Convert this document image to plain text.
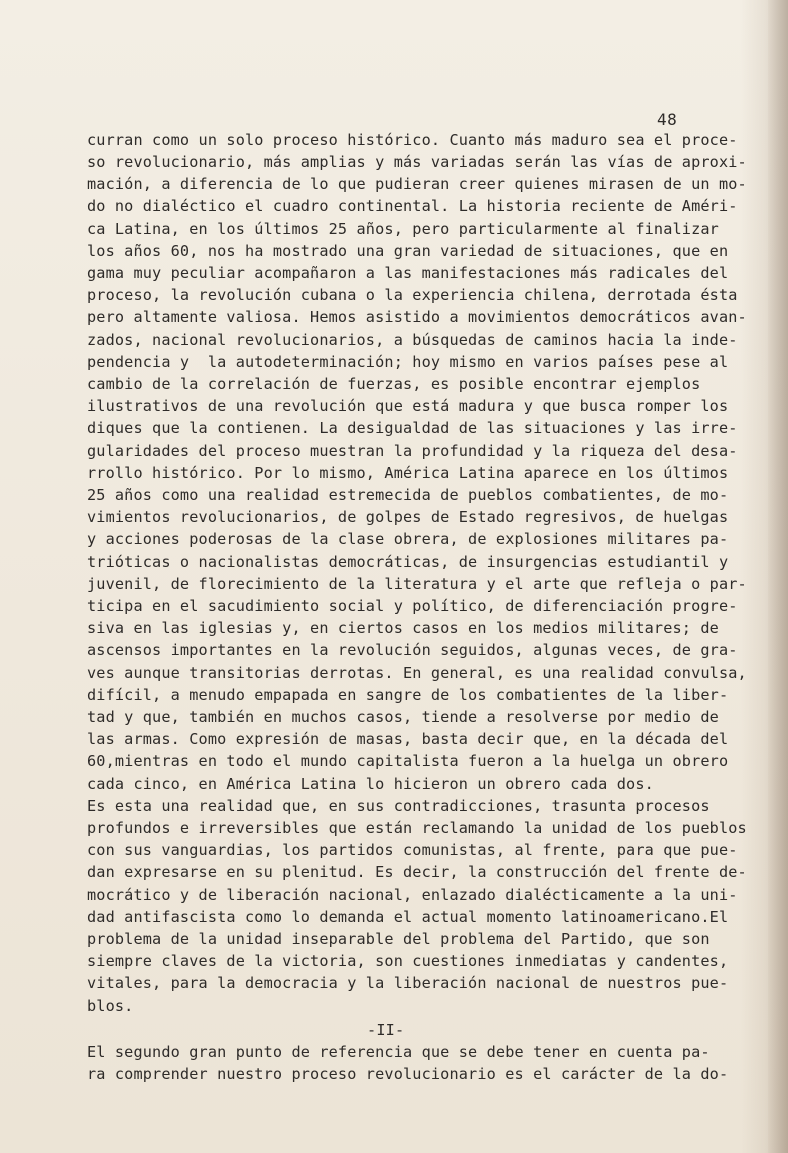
48
curran como un solo proceso histórico. Cuanto más maduro sea el proce-
so revolucionario, más amplias y más variadas serán las vías de aproxi-
mación, a diferencia de lo que pudieran creer quienes mirasen de un mo-
do no dialéctico el cuadro continental. La historia reciente de Améri-
ca Latina, en los últimos 25 años, pero particularmente al finalizar
los años 60, nos ha mostrado una gran variedad de situaciones, que en
gama muy peculiar acompañaron a las manifestaciones más radicales del
proceso, la revolución cubana o la experiencia chilena, derrotada ésta
pero altamente valiosa. Hemos asistido a movimientos democráticos avan-
zados, nacional revolucionarios, a búsquedas de caminos hacia la inde-
pendencia y  la autodeterminación; hoy mismo en varios países pese al
cambio de la correlación de fuerzas, es posible encontrar ejemplos
ilustrativos de una revolución que está madura y que busca romper los
diques que la contienen. La desigualdad de las situaciones y las irre-
gularidades del proceso muestran la profundidad y la riqueza del desa-
rrollo histórico. Por lo mismo, América Latina aparece en los últimos
25 años como una realidad estremecida de pueblos combatientes, de mo-
vimientos revolucionarios, de golpes de Estado regresivos, de huelgas
y acciones poderosas de la clase obrera, de explosiones militares pa-
trióticas o nacionalistas democráticas, de insurgencias estudiantil y
juvenil, de florecimiento de la literatura y el arte que refleja o par-
ticipa en el sacudimiento social y político, de diferenciación progre-
siva en las iglesias y, en ciertos casos en los medios militares; de
ascensos importantes en la revolución seguidos, algunas veces, de gra-
ves aunque transitorias derrotas. En general, es una realidad convulsa,
difícil, a menudo empapada en sangre de los combatientes de la liber-
tad y que, también en muchos casos, tiende a resolverse por medio de
las armas. Como expresión de masas, basta decir que, en la década del
60,mientras en todo el mundo capitalista fueron a la huelga un obrero
cada cinco, en América Latina lo hicieron un obrero cada dos.
Es esta una realidad que, en sus contradicciones, trasunta procesos
profundos e irreversibles que están reclamando la unidad de los pueblos
con sus vanguardias, los partidos comunistas, al frente, para que pue-
dan expresarse en su plenitud. Es decir, la construcción del frente de-
mocrático y de liberación nacional, enlazado dialécticamente a la uni-
dad antifascista como lo demanda el actual momento latinoamericano.El
problema de la unidad inseparable del problema del Partido, que son
siempre claves de la victoria, son cuestiones inmediatas y candentes,
vitales, para la democracia y la liberación nacional de nuestros pue-
blos.
El segundo gran punto de referencia que se debe tener en cuenta pa-
ra comprender nuestro proceso revolucionario es el carácter de la do-
-II-
